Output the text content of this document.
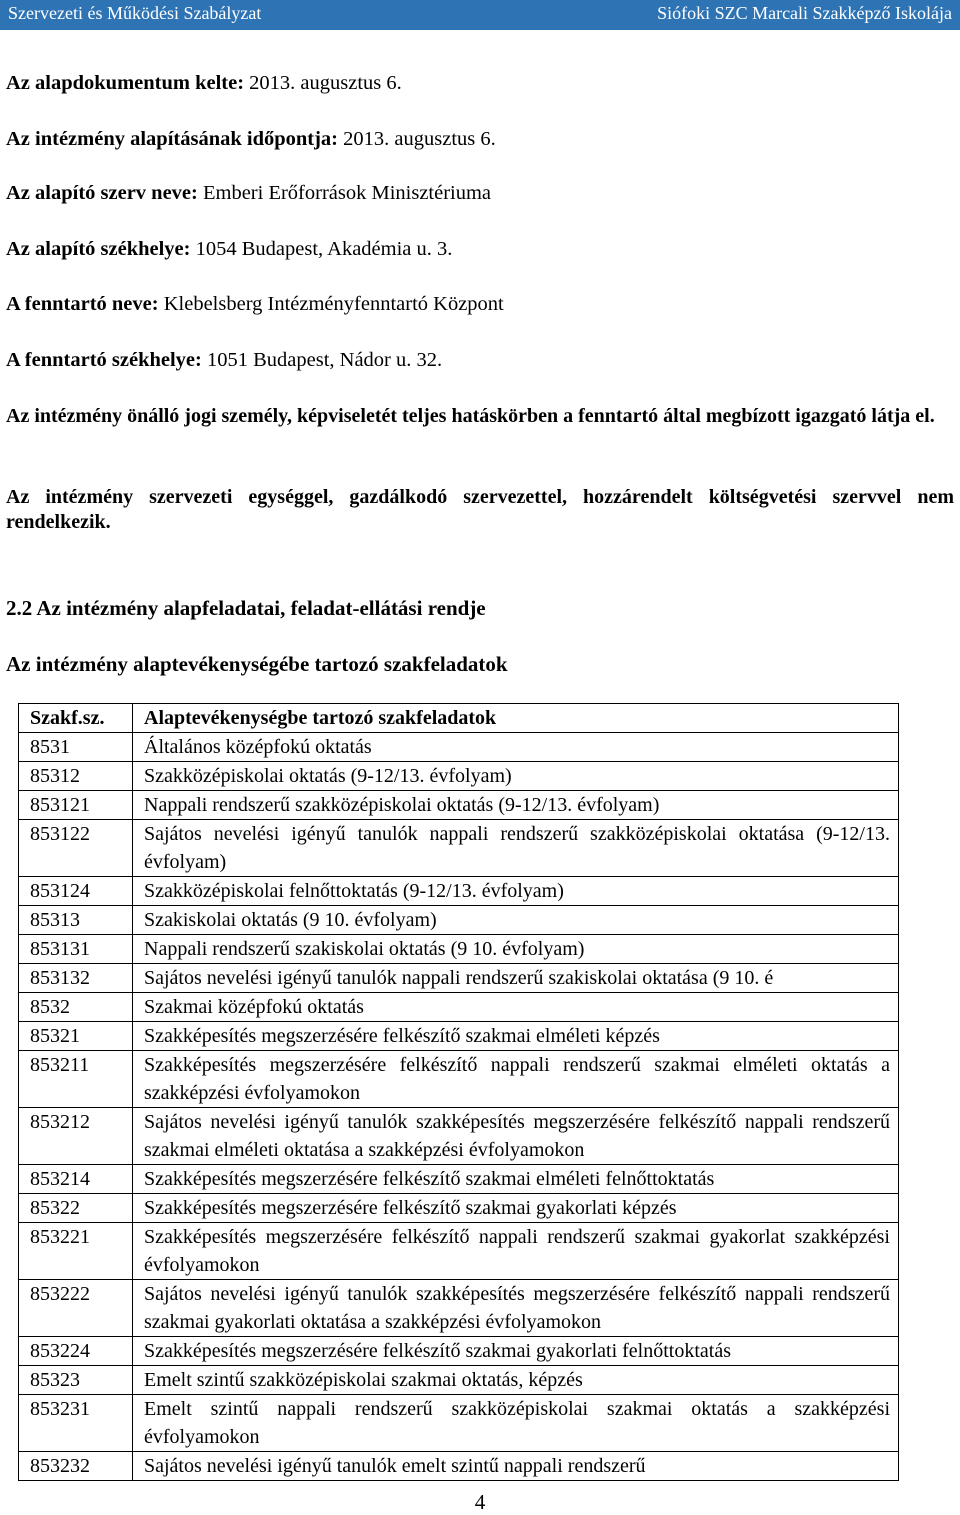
Szervezeti és Működési Szabályzat	Siófoki SZC Marcali Szakképző Iskolája
Az alapdokumentum kelte: 2013. augusztus 6.
Az intézmény alapításának időpontja: 2013. augusztus 6.
Az alapító szerv neve: Emberi Erőforrások Minisztériuma
Az alapító székhelye: 1054 Budapest, Akadémia u. 3.
A fenntartó neve: Klebelsberg Intézményfenntartó Központ
A fenntartó székhelye: 1051 Budapest, Nádor u. 32.
Az intézmény önálló jogi személy, képviseletét teljes hatáskörben a fenntartó által megbízott igazgató látja el.
Az intézmény szervezeti egységgel, gazdálkodó szervezettel, hozzárendelt költségvetési szervvel nem rendelkezik.
2.2 Az intézmény alapfeladatai, feladat-ellátási rendje
Az intézmény alaptevékenységébe tartozó szakfeladatok
Szakf.sz.	Alaptevékenységbe tartozó szakfeladatok
8531	Általános középfokú oktatás
85312	Szakközépiskolai oktatás (9-12/13. évfolyam)
853121	Nappali rendszerű szakközépiskolai oktatás (9-12/13. évfolyam)
853122	Sajátos nevelési igényű tanulók nappali rendszerű szakközépiskolai oktatása (9-12/13. évfolyam)
853124	Szakközépiskolai felnőttoktatás (9-12/13. évfolyam)
85313	Szakiskolai oktatás (9 10. évfolyam)
853131	Nappali rendszerű szakiskolai oktatás (9 10. évfolyam)
853132	Sajátos nevelési igényű tanulók nappali rendszerű szakiskolai oktatása (9 10. é
8532	Szakmai középfokú oktatás
85321	Szakképesítés megszerzésére felkészítő szakmai elméleti képzés
853211	Szakképesítés megszerzésére felkészítő nappali rendszerű szakmai elméleti oktatás a szakképzési évfolyamokon
853212	Sajátos nevelési igényű tanulók szakképesítés megszerzésére felkészítő nappali rendszerű szakmai elméleti oktatása a szakképzési évfolyamokon
853214	Szakképesítés megszerzésére felkészítő szakmai elméleti felnőttoktatás
85322	Szakképesítés megszerzésére felkészítő szakmai gyakorlati képzés
853221	Szakképesítés megszerzésére felkészítő nappali rendszerű szakmai gyakorlat szakképzési évfolyamokon
853222	Sajátos nevelési igényű tanulók szakképesítés megszerzésére felkészítő nappali rendszerű szakmai gyakorlati oktatása a szakképzési évfolyamokon
853224	Szakképesítés megszerzésére felkészítő szakmai gyakorlati felnőttoktatás
85323	Emelt szintű szakközépiskolai szakmai oktatás, képzés
853231	Emelt szintű nappali rendszerű szakközépiskolai szakmai oktatás a szakképzési évfolyamokon
853232	Sajátos nevelési igényű tanulók emelt szintű nappali rendszerű
4
